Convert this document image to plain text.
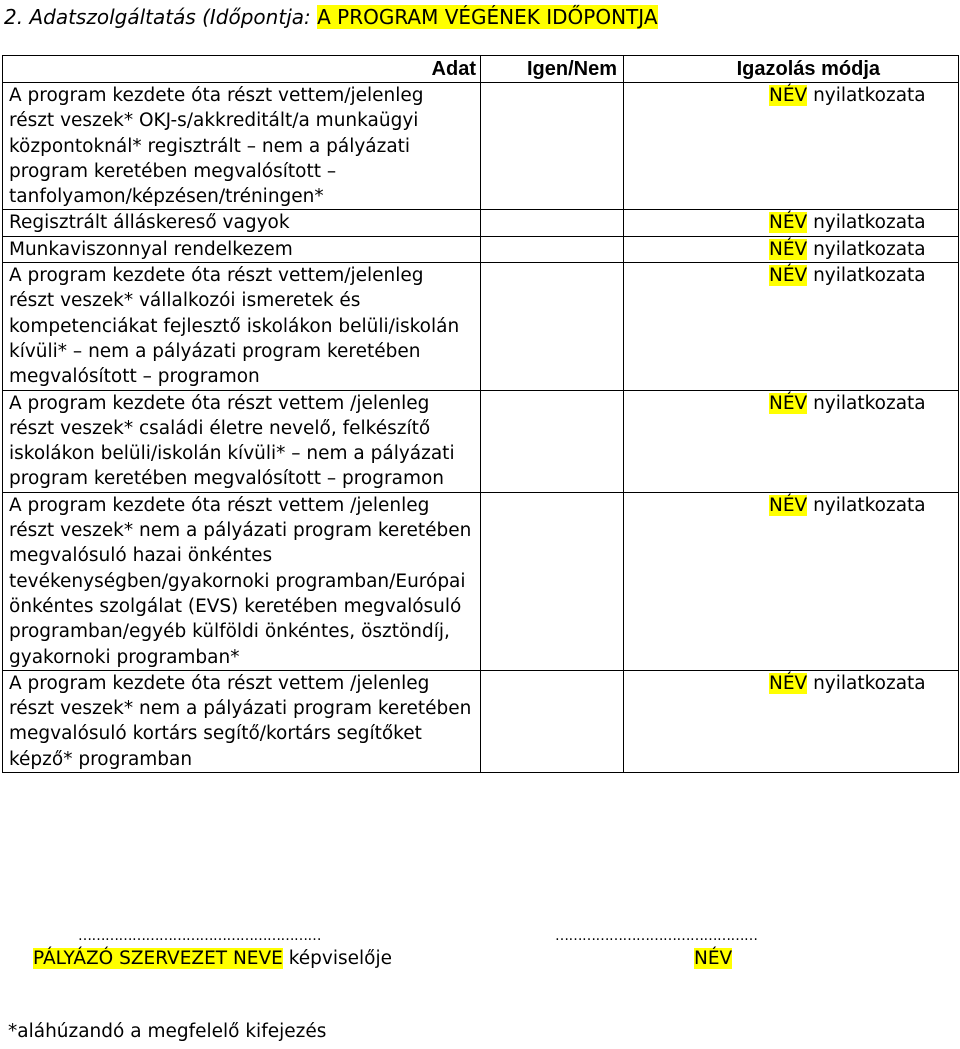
2. Adatszolgáltatás (Időpontja: A PROGRAM VÉGÉNEK IDŐPONTJA
Adat	Igen/Nem	Igazolás módja
A program kezdete óta részt vettem/jelenleg részt veszek* OKJ-s/akkreditált/a munkaügyi központoknál* regisztrált – nem a pályázati program keretében megvalósított – tanfolyamon/képzésen/tréningen*		NÉV nyilatkozata

Regisztrált álláskereső vagyok		NÉV nyilatkozata

Munkaviszonnyal rendelkezem		NÉV nyilatkozata

A program kezdete óta részt vettem/jelenleg részt veszek* vállalkozói ismeretek és kompetenciákat fejlesztő iskolákon belüli/iskolán kívüli* – nem a pályázati program keretében megvalósított – programon		NÉV nyilatkozata

A program kezdete óta részt vettem /jelenleg részt veszek* családi életre nevelő, felkészítő iskolákon belüli/iskolán kívüli* – nem a pályázati program keretében megvalósított – programon		NÉV nyilatkozata

A program kezdete óta részt vettem /jelenleg részt veszek* nem a pályázati program keretében megvalósuló hazai önkéntes tevékenységben/gyakornoki programban/Európai önkéntes szolgálat (EVS) keretében megvalósuló programban/egyéb külföldi önkéntes, ösztöndíj, gyakornoki programban*		NÉV nyilatkozata

A program kezdete óta részt vettem /jelenleg részt veszek* nem a pályázati program keretében megvalósuló kortárs segítő/kortárs segítőket képző* programban		NÉV nyilatkozata
………………………………………………
PÁLYÁZÓ SZERVEZET NEVE képviselője
………………………………………
NÉV
*aláhúzandó a megfelelő kifejezés
